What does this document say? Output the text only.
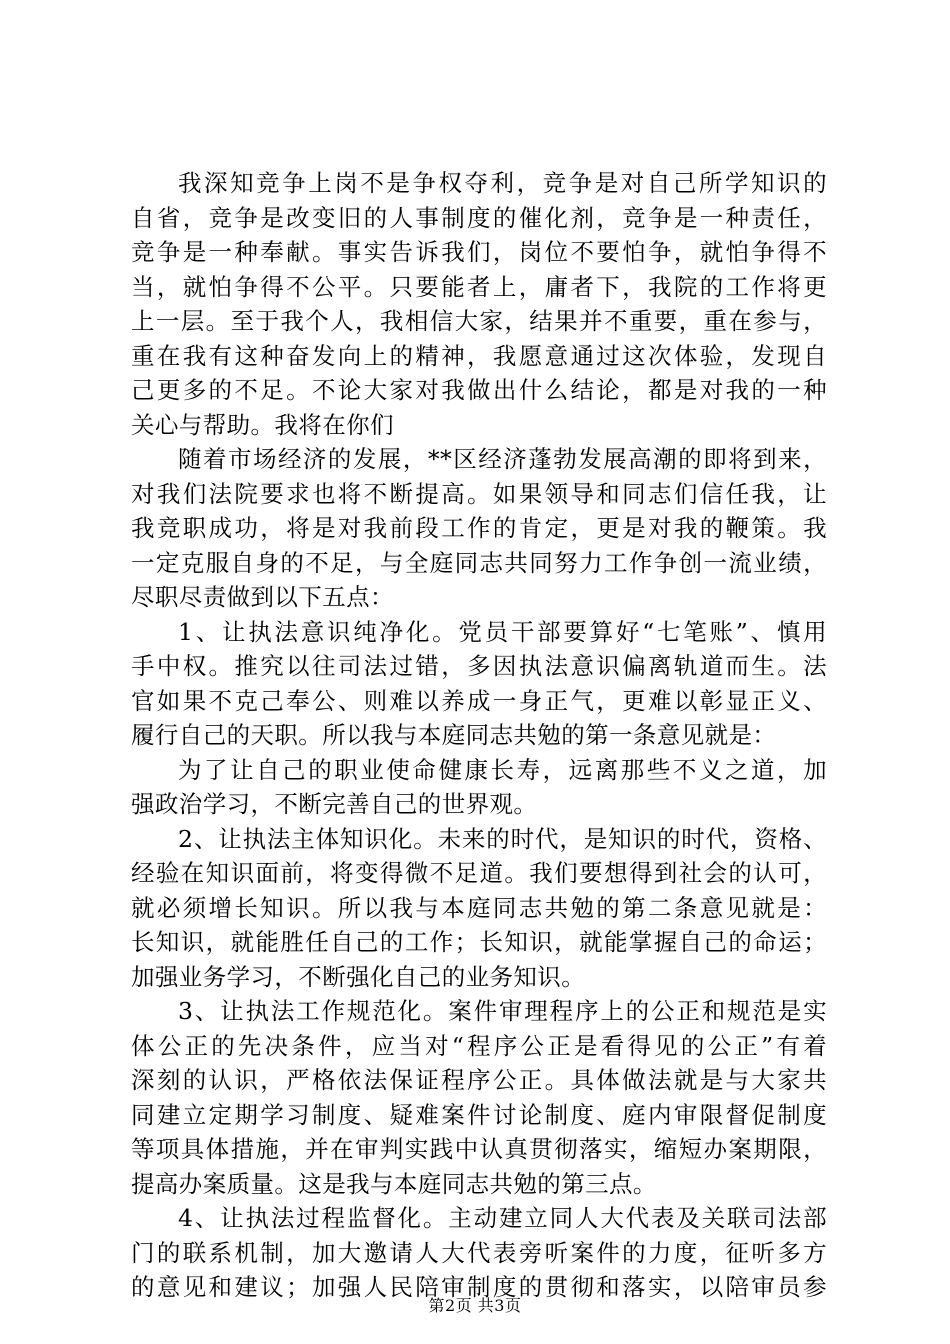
我深知竞争上岗不是争权夺利，竞争是对自己所学知识的
自省，竞争是改变旧的人事制度的催化剂，竞争是一种责任，
竞争是一种奉献。事实告诉我们，岗位不要怕争，就怕争得不
当，就怕争得不公平。只要能者上，庸者下，我院的工作将更
上一层。至于我个人，我相信大家，结果并不重要，重在参与，
重在我有这种奋发向上的精神，我愿意通过这次体验，发现自
己更多的不足。不论大家对我做出什么结论，都是对我的一种
关心与帮助。我将在你们
随着市场经济的发展，**区经济蓬勃发展高潮的即将到来，
对我们法院要求也将不断提高。如果领导和同志们信任我，让
我竞职成功，将是对我前段工作的肯定，更是对我的鞭策。我
一定克服自身的不足，与全庭同志共同努力工作争创一流业绩，
尽职尽责做到以下五点：
1、让执法意识纯净化。党员干部要算好“七笔账”、慎用
手中权。推究以往司法过错，多因执法意识偏离轨道而生。法
官如果不克己奉公、则难以养成一身正气，更难以彰显正义、
履行自己的天职。所以我与本庭同志共勉的第一条意见就是：
为了让自己的职业使命健康长寿，远离那些不义之道，加
强政治学习，不断完善自己的世界观。
2、让执法主体知识化。未来的时代，是知识的时代，资格、
经验在知识面前，将变得微不足道。我们要想得到社会的认可，
就必须增长知识。所以我与本庭同志共勉的第二条意见就是：
长知识，就能胜任自己的工作；长知识，就能掌握自己的命运；
加强业务学习，不断强化自己的业务知识。
3、让执法工作规范化。案件审理程序上的公正和规范是实
体公正的先决条件，应当对“程序公正是看得见的公正”有着
深刻的认识，严格依法保证程序公正。具体做法就是与大家共
同建立定期学习制度、疑难案件讨论制度、庭内审限督促制度
等项具体措施，并在审判实践中认真贯彻落实，缩短办案期限，
提高办案质量。这是我与本庭同志共勉的第三点。
4、让执法过程监督化。主动建立同人大代表及关联司法部
门的联系机制，加大邀请人大代表旁听案件的力度，征听多方
的意见和建议；加强人民陪审制度的贯彻和落实，以陪审员参
第2页 共3页
